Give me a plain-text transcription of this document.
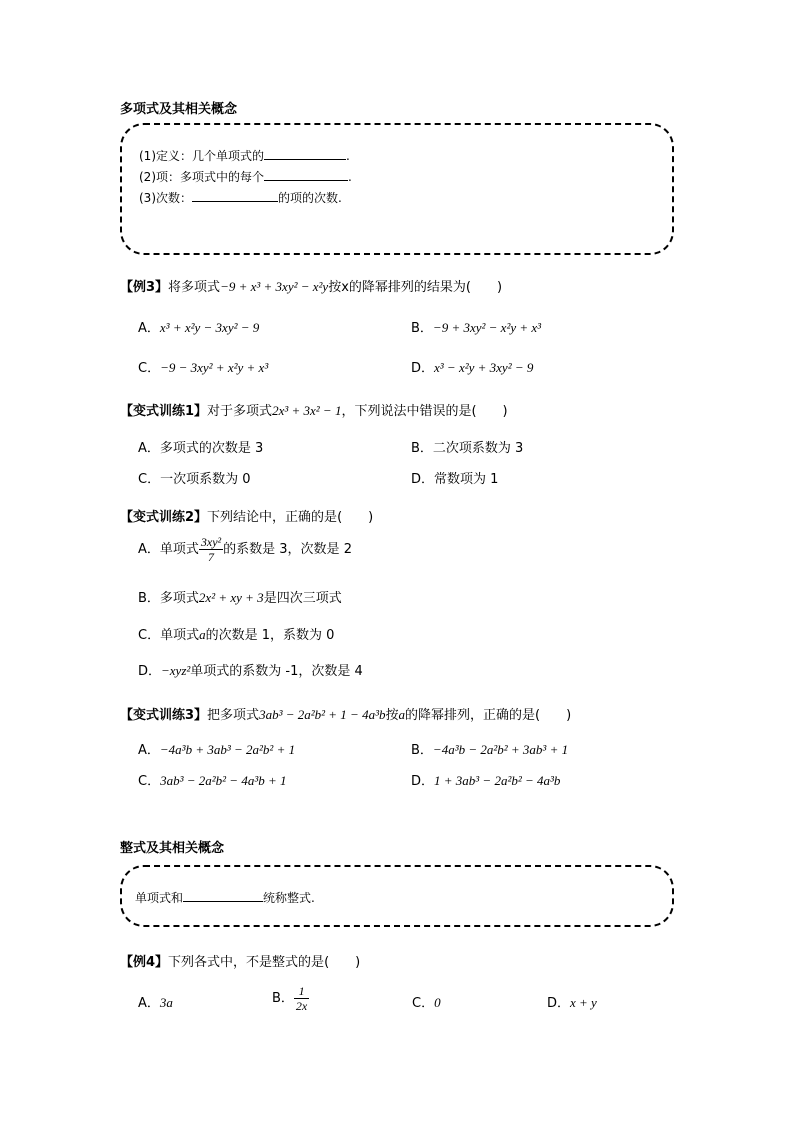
多项式及其相关概念
(1)定义：几个单项式的	.
(2)项：多项式中的每个	.
(3)次数：	的项的次数.
【例3】将多项式−9 + x³ + 3xy² − x²y按x的降幂排列的结果为(　　)
A．x³ + x²y − 3xy² − 9	B．−9 + 3xy² − x²y + x³
C．−9 − 3xy² + x²y + x³	D．x³ − x²y + 3xy² − 9
【变式训练1】对于多项式2x³ + 3x² − 1，下列说法中错误的是(　　)
A．多项式的次数是 3	B．二次项系数为 3
C．一次项系数为 0	D．常数项为 1
【变式训练2】下列结论中，正确的是(　　)
A．单项式 $\frac{\text{3xy²}}{7}$ 的系数是 3，次数是 2
B．多项式2x² + xy + 3是四次三项式
C．单项式a的次数是 1，系数为 0
D．−xyz²单项式的系数为 -1，次数是 4
【变式训练3】把多项式3ab³ − 2a²b² + 1 − 4a³b按a的降幂排列，正确的是(　　)
A．−4a³b + 3ab³ − 2a²b² + 1	B．−4a³b − 2a²b² + 3ab³ + 1
C．3ab³ − 2a²b² − 4a³b + 1	D．1 + 3ab³ − 2a²b² − 4a³b
整式及其相关概念
单项式和	统称整式.
【例4】下列各式中，不是整式的是(　　)
A．3a	B． $\frac{1}{2x}$	C．0	D．x + y
